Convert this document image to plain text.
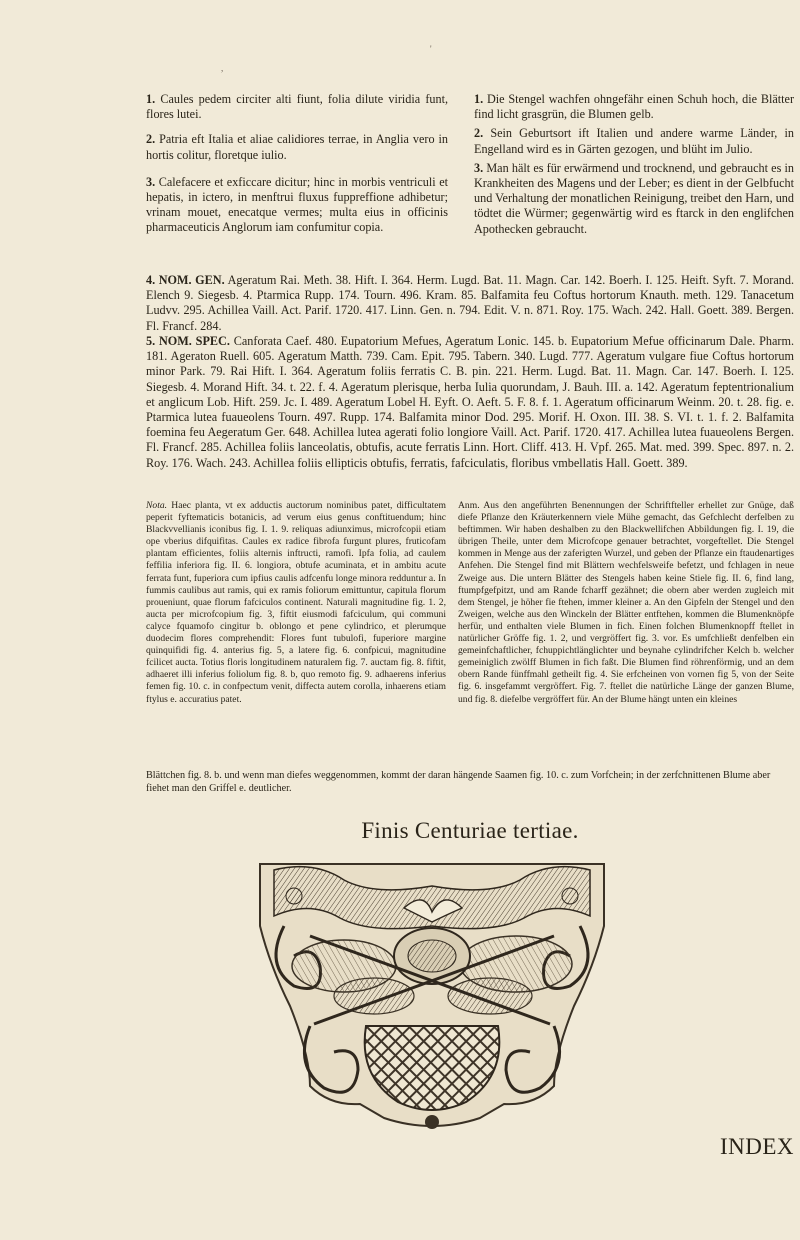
,
'

1. Caules pedem circiter alti fiunt, folia dilute viridia funt, flores lutei.

2. Patria eft Italia et aliae calidiores terrae, in Anglia vero in hortis colitur, floretque iulio.

3. Calefacere et exficcare dicitur; hinc in morbis ventriculi et hepatis, in ictero, in menftrui fluxus fuppreffione adhibetur; vrinam mouet, enecatque vermes; multa eius in officinis pharmaceuticis Anglorum iam confumitur copia.

1. Die Stengel wachfen ohngefähr einen Schuh hoch, die Blätter find licht grasgrün, die Blumen gelb.

2. Sein Geburtsort ift Italien und andere warme Länder, in Engelland wird es in Gärten gezogen, und blüht im Julio.

3. Man hält es für erwärmend und trocknend, und gebraucht es in Krankheiten des Magens und der Leber; es dient in der Gelbfucht und Verhaltung der monatlichen Reinigung, treibet den Harn, und tödtet die Würmer; gegenwärtig wird es ftarck in den englifchen Apothecken gebraucht.

4. NOM. GEN. Ageratum Rai. Meth. 38. Hift. I. 364. Herm. Lugd. Bat. 11. Magn. Car. 142. Boerh. I. 125. Heift. Syft. 7. Morand. Elench 9. Siegesb. 4. Ptarmica Rupp. 174. Tourn. 496. Kram. 85. Balfamita feu Coftus hortorum Knauth. meth. 129. Tanacetum Ludvv. 295. Achillea Vaill. Act. Parif. 1720. 417. Linn. Gen. n. 794. Edit. V. n. 871. Roy. 175. Wach. 242. Hall. Goett. 389. Bergen. Fl. Francf. 284.
5. NOM. SPEC. Canforata Caef. 480. Eupatorium Mefues, Ageratum Lonic. 145. b. Eupatorium Mefue officinarum Dale. Pharm. 181. Ageraton Ruell. 605. Ageratum Matth. 739. Cam. Epit. 795. Tabern. 340. Lugd. 777. Ageratum vulgare fiue Coftus hortorum minor Park. 79. Rai Hift. I. 364. Ageratum foliis ferratis C. B. pin. 221. Herm. Lugd. Bat. 11. Magn. Car. 147. Boerh. I. 125. Siegesb. 4. Morand Hift. 34. t. 22. f. 4. Ageratum plerisque, herba Iulia quorundam, J. Bauh. III. a. 142. Ageratum feptentrionalium et anglicum Lob. Hift. 259. Jc. I. 489. Ageratum Lobel H. Eyft. O. Aeft. 5. F. 8. f. 1. Ageratum officinarum Weinm. 20. t. 28. fig. e. Ptarmica lutea fuaueolens Tourn. 497. Rupp. 174. Balfamita minor Dod. 295. Morif. H. Oxon. III. 38. S. VI. t. 1. f. 2. Balfamita foemina feu Aegeratum Ger. 648. Achillea lutea agerati folio longiore Vaill. Act. Parif. 1720. 417. Achillea lutea fuaueolens Bergen. Fl. Francf. 285. Achillea foliis lanceolatis, obtufis, acute ferratis Linn. Hort. Cliff. 413. H. Vpf. 265. Mat. med. 399. Spec. 897. n. 2. Roy. 176. Wach. 243. Achillea foliis ellipticis obtufis, ferratis, fafciculatis, floribus vmbellatis Hall. Goett. 389.
Nota. Haec planta, vt ex adductis auctorum nominibus patet, difficultatem peperit fyftematicis botanicis, ad verum eius genus conftituendum; hinc Blackvvellianis iconibus fig. I. 1. 9. reliquas adiunximus, microfcopii etiam ope vberius difquifitas. Caules ex radice fibrofa furgunt plures, fruticofam plantam efficientes, foliis alternis inftructi, ramofi. Ipfa folia, ad caulem feffilia inferiora fig. II. 6. longiora, obtufe acuminata, et in ambitu acute ferrata funt, fuperiora cum ipfius caulis adfcenfu longe minora redduntur a. In fummis caulibus aut ramis, qui ex ramis foliorum emittuntur, capitula florum proueniunt, quae florum fafciculos continent. Naturali magnitudine fig. 1. 2, aucta per microfcopium fig. 3, fiftit eiusmodi fafciculum, qui communi calyce fquamofo cingitur b. oblongo et pene cylindrico, et plerumque duodecim flores comprehendit: Flores funt tubulofi, fuperiore margine quinquifidi fig. 4. anterius fig. 5, a latere fig. 6. confpicui, magnitudine fcilicet aucta. Totius floris longitudinem naturalem fig. 7. auctam fig. 8. fiftit, adhaeret illi inferius foliolum fig. 8. b, quo remoto fig. 9. adhaerens inferius femen fig. 10. c. in confpectum venit, diffecta autem corolla, inhaerens etiam ftylus e. accuratius patet.
Anm. Aus den angeführten Benennungen der Schriftfteller erhellet zur Gnüge, daß diefe Pflanze den Kräuterkennern viele Mühe gemacht, das Gefchlecht derfelben zu beftimmen. Wir haben deshalben zu den Blackwellifchen Abbildungen fig. I. 19, die übrigen Theile, unter dem Microfcope genauer betrachtet, vorgeftellet. Die Stengel kommen in Menge aus der zaferigten Wurzel, und geben der Pflanze ein ftaudenartiges Anfehen. Die Stengel find mit Blättern wechfelsweife befetzt, und fchlagen in neue Zweige aus. Die untern Blätter des Stengels haben keine Stiele fig. II. 6, find lang, ftumpfgefpitzt, und am Rande fcharff gezähnet; die obern aber werden zugleich mit dem Stengel, je höher fie ftehen, immer kleiner a. An den Gipfeln der Stengel und den Zweigen, welche aus den Winckeln der Blätter entftehen, kommen die Blumenknöpfe herfür, und enthalten viele Blumen in fich. Einen folchen Blumenknopff ftellet in natürlicher Gröffe fig. 1. 2, und vergröffert fig. 3. vor. Es umfchließt denfelben ein gemeinfchaftlicher, fchuppichtlänglichter und beynahe cylindrifcher Kelch b. welcher gemeiniglich zwölff Blumen in fich faßt. Die Blumen find röhrenförmig, und an dem obern Rande fünffmahl getheilt fig. 4. Sie erfcheinen von vornen fig 5, von der Seite fig. 6. insgefammt vergröffert. Fig. 7. ftellet die natürliche Länge der ganzen Blume, und fig. 8. diefelbe vergröffert für. An der Blume hängt unten ein kleines
Blättchen fig. 8. b. und wenn man diefes weggenommen, kommt der daran hängende Saamen fig. 10. c. zum Vorfchein; in der zerfchnittenen Blume aber fiehet man den Griffel e. deutlicher.
Finis Centuriae tertiae.
INDEX
